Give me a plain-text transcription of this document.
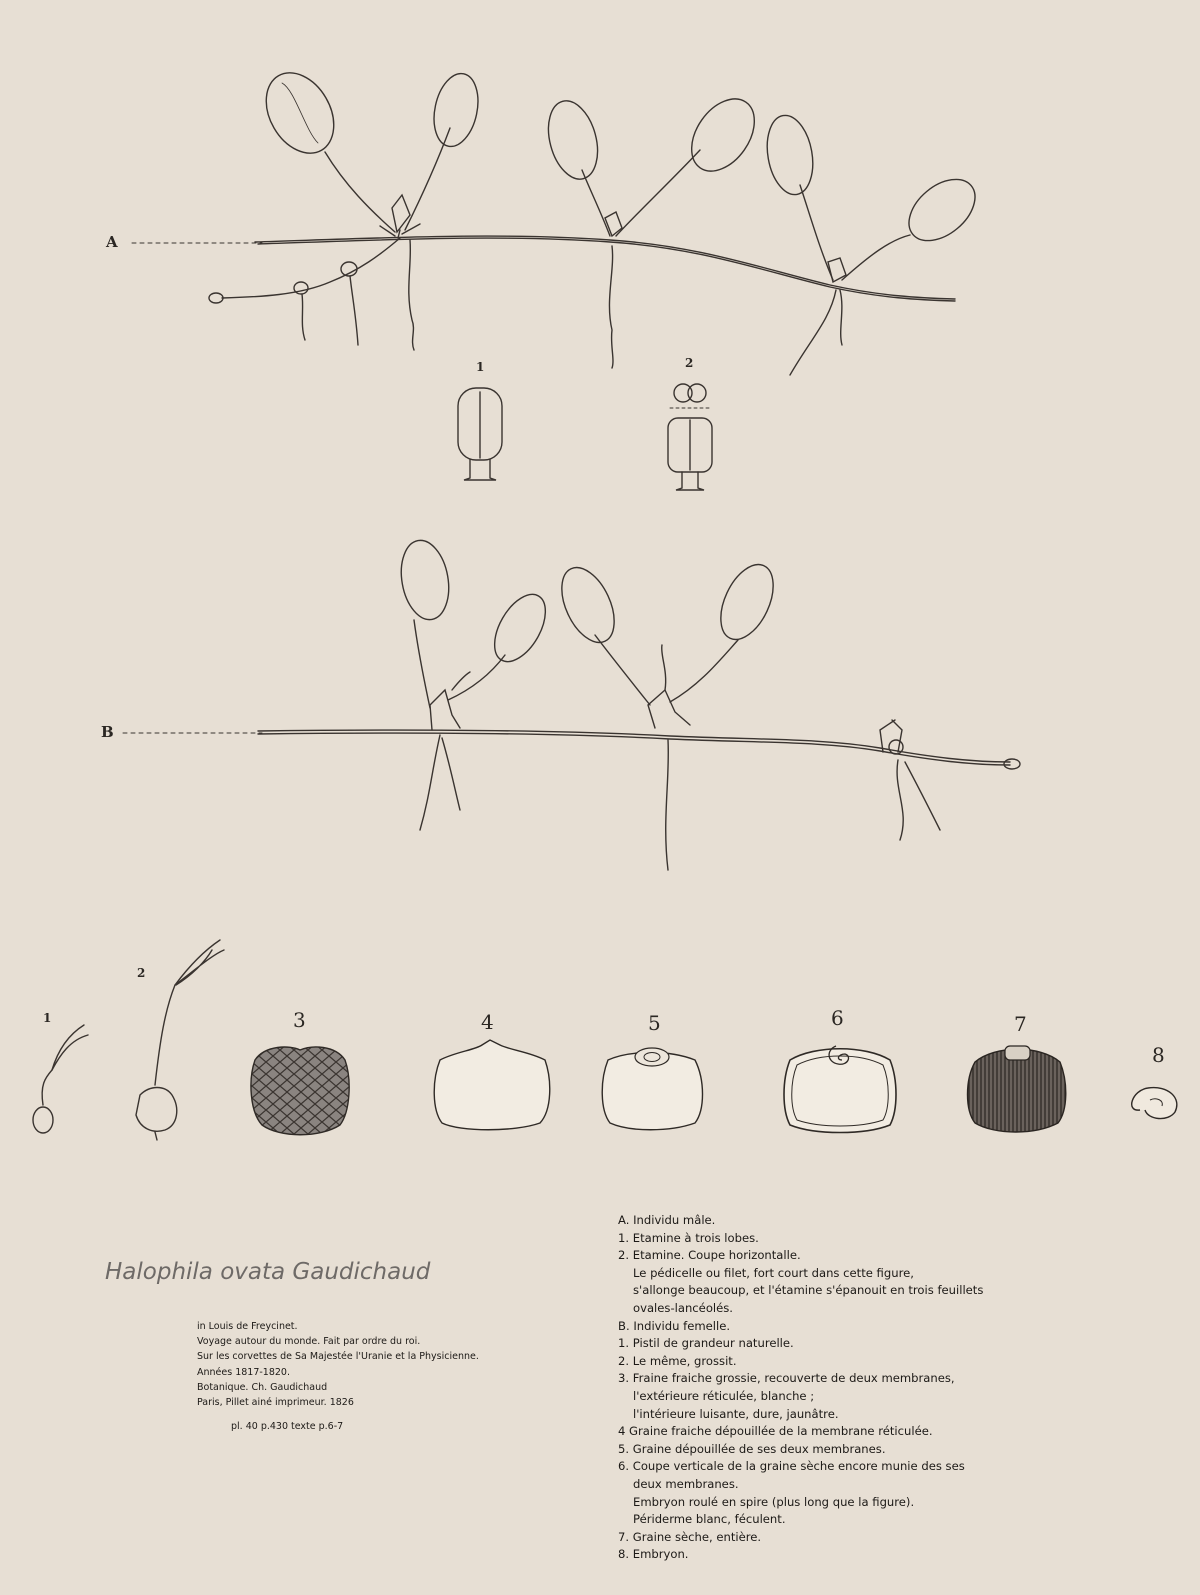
A
B
1	2
1
2
3	4	5	6	7
8
Halophila ovata Gaudichaud
in Louis de Freycinet.
Voyage autour du monde. Fait par ordre du roi.
Sur les corvettes de Sa Majestée l'Uranie et la Physicienne.
Années 1817-1820.
Botanique. Ch. Gaudichaud
Paris, Pillet ainé imprimeur. 1826
pl. 40 p.430 texte p.6-7
A. Individu mâle.
1. Etamine à trois lobes.
2. Etamine. Coupe horizontalle.
Le pédicelle ou filet, fort court dans cette figure,
s'allonge beaucoup, et l'étamine s'épanouit en trois feuillets
ovales-lancéolés.
B. Individu femelle.
1. Pistil de grandeur naturelle.
2. Le même, grossit.
3. Fraine fraiche grossie, recouverte de deux membranes,
l'extérieure réticulée, blanche ;
l'intérieure luisante, dure, jaunâtre.
4 Graine fraiche dépouillée de la membrane réticulée.
5. Graine dépouillée de ses deux membranes.
6. Coupe verticale de la graine sèche encore munie des ses
deux membranes.
Embryon roulé en spire (plus long que la figure).
Périderme blanc, féculent.
7. Graine sèche, entière.
8. Embryon.
